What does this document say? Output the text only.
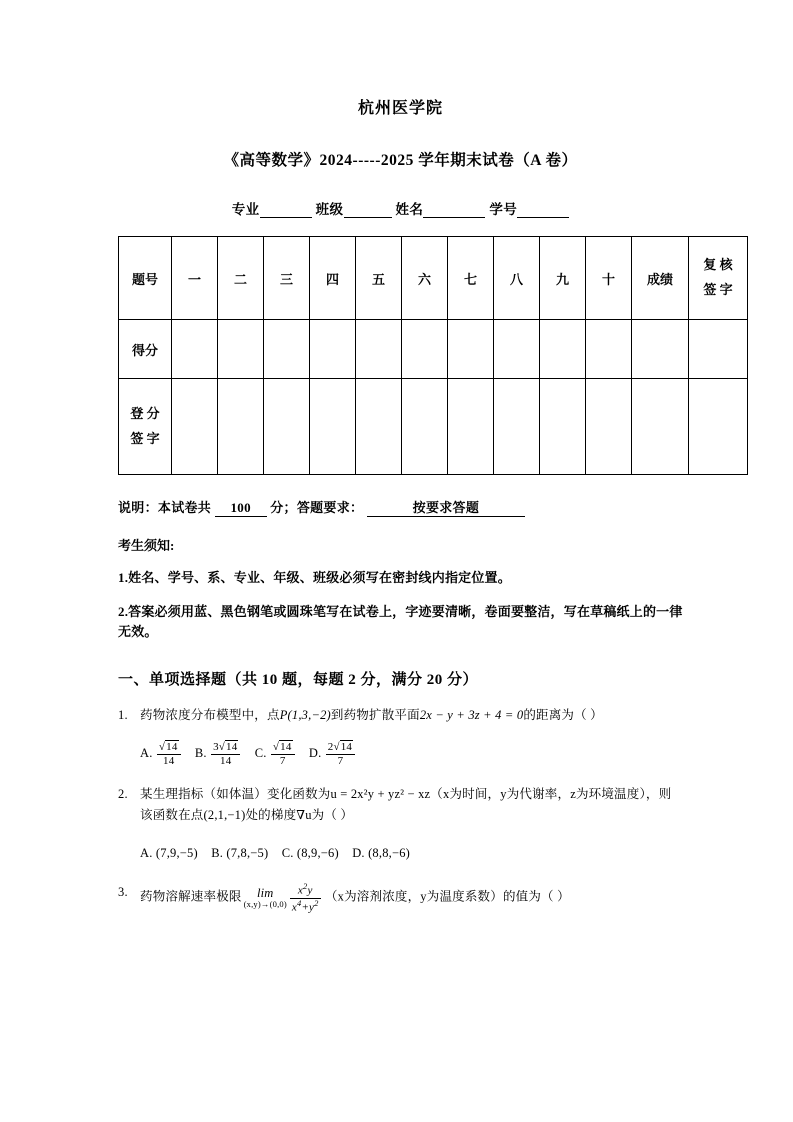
杭州医学院
《高等数学》2024-----2025 学年期末试卷（A 卷）
专业	班级	姓名	学号
题号	一	二	三	四	五	六	七	八	九	十	成绩	复 核
签 字

得分												

登 分
签 字												

说明：本试卷共 100 分；答题要求：	按要求答题
考生须知:
1.姓名、学号、系、专业、年级、班级必须写在密封线内指定位置。
2.答案必须用蓝、黑色钢笔或圆珠笔写在试卷上，字迹要清晰，卷面要整洁，写在草稿纸上的一律无效。
一、单项选择题（共 10 题，每题 2 分，满分 20 分）
1. 药物浓度分布模型中，点P(1,3,−2)到药物扩散平面2x − y + 3z + 4 = 0的距离为（ ）
A. $\frac{√14}{14} B$. $\frac{3√14}{14} C$. $\frac{√14}{7} D$. $\frac{2√14}{7}$
2. 某生理指标（如体温）变化函数为u = 2x²y + yz² − xz（x为时间，y为代谢率，z为环境温度），则该函数在点(2,1,−1)处的梯度∇u为（ ）
A. (7,9,−5) B. (7,8,−5) C. (8,9,−6) D. (8,8,−6)
3. 药物溶解速率极限	lim
$(x,y)\to(0,0) \frac{x^2y}{x^4+y^2} (x$为溶剂浓度，y为温度系数）的值为（ ）
